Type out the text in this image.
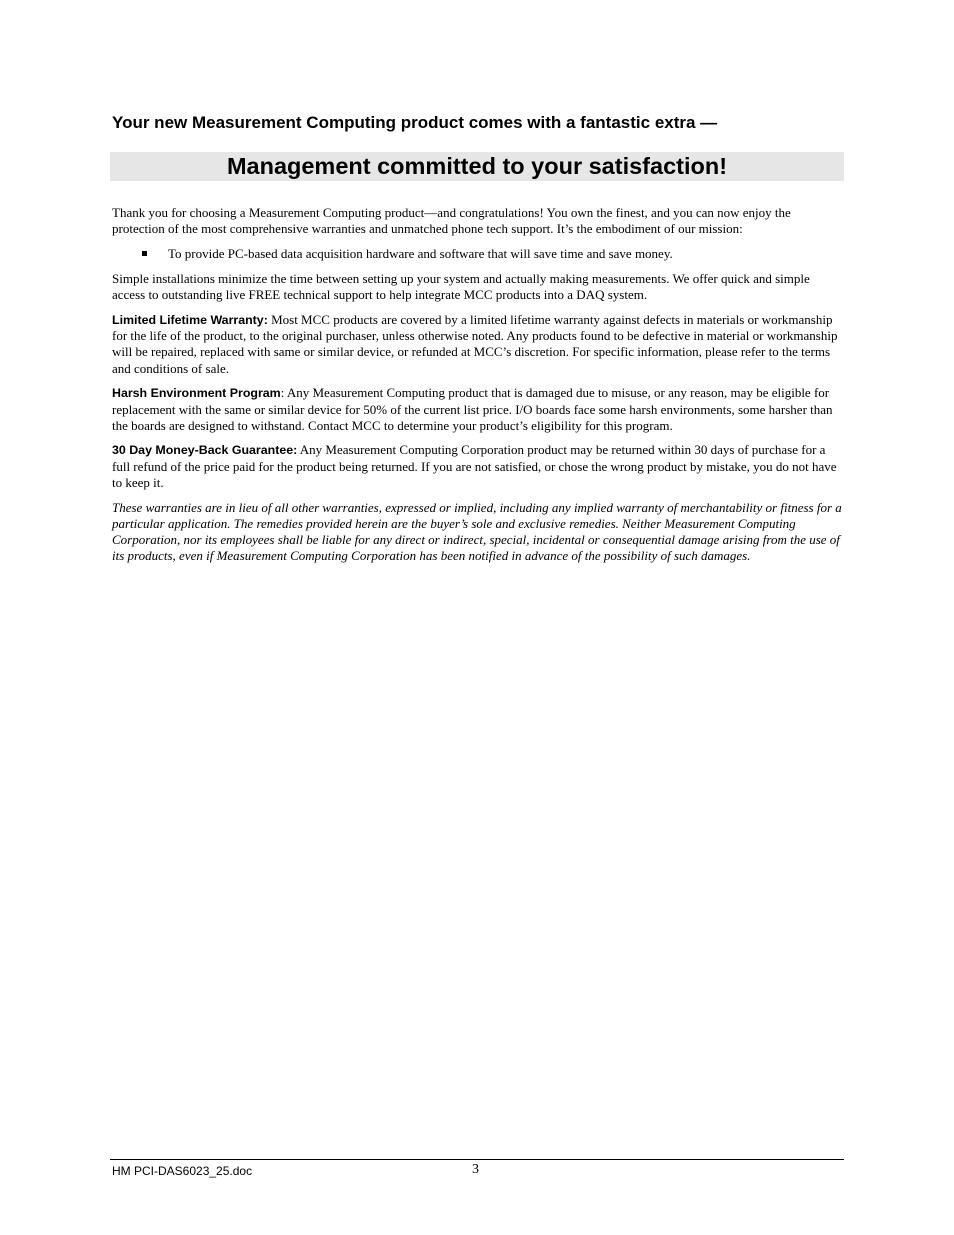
Your new Measurement Computing product comes with a fantastic extra —
Management committed to your satisfaction!

Thank you for choosing a Measurement Computing product—and congratulations! You own the finest, and you can now enjoy the protection of the most comprehensive warranties and unmatched phone tech support. It’s the embodiment of our mission:

To provide PC-based data acquisition hardware and software that will save time and save money.

Simple installations minimize the time between setting up your system and actually making measurements. We offer quick and simple access to outstanding live FREE technical support to help integrate MCC products into a DAQ system.

Limited Lifetime Warranty: Most MCC products are covered by a limited lifetime warranty against defects in materials or workmanship for the life of the product, to the original purchaser, unless otherwise noted. Any products found to be defective in material or workmanship will be repaired, replaced with same or similar device, or refunded at MCC’s discretion. For specific information, please refer to the terms and conditions of sale.

Harsh Environment Program: Any Measurement Computing product that is damaged due to misuse, or any reason, may be eligible for replacement with the same or similar device for 50% of the current list price. I/O boards face some harsh environments, some harsher than the boards are designed to withstand. Contact MCC to determine your product’s eligibility for this program.

30 Day Money-Back Guarantee: Any Measurement Computing Corporation product may be returned within 30 days of purchase for a full refund of the price paid for the product being returned. If you are not satisfied, or chose the wrong product by mistake, you do not have to keep it.

These warranties are in lieu of all other warranties, expressed or implied, including any implied warranty of merchantability or fitness for a particular application. The remedies provided herein are the buyer’s sole and exclusive remedies. Neither Measurement Computing Corporation, nor its employees shall be liable for any direct or indirect, special, incidental or consequential damage arising from the use of its products, even if Measurement Computing Corporation has been notified in advance of the possibility of such damages.

HM PCI-DAS6023_25.doc	3
